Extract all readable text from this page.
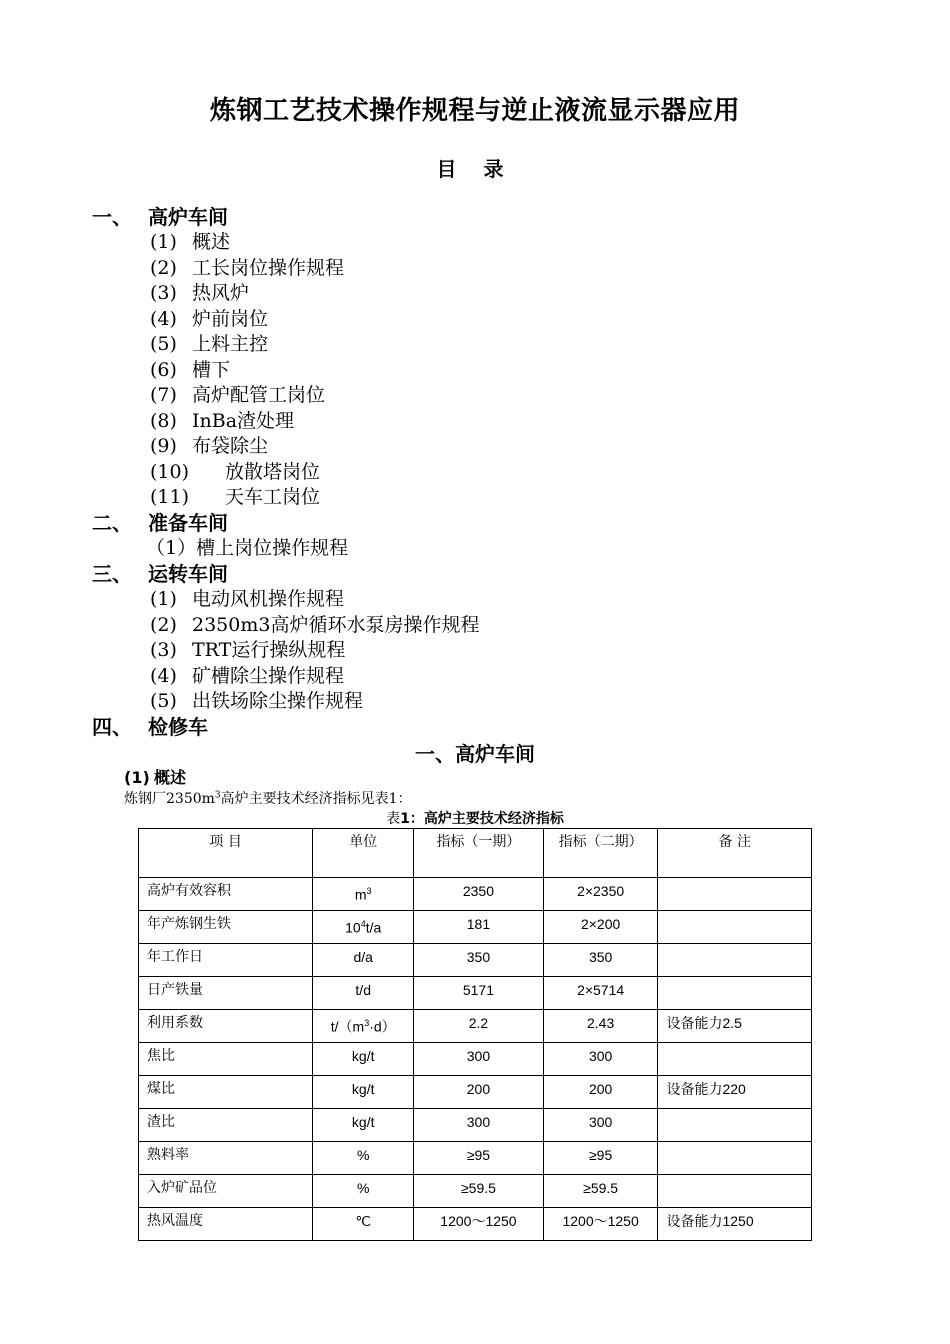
炼钢工艺技术操作规程与逆止液流显示器应用
目 录
一、 高炉车间
(1) 概述
(2) 工长岗位操作规程
(3) 热风炉
(4) 炉前岗位
(5) 上料主控
(6) 槽下
(7) 高炉配管工岗位
(8) InBa渣处理
(9) 布袋除尘
(10) 放散塔岗位
(11) 天车工岗位
二、 准备车间
（1）槽上岗位操作规程
三、 运转车间
(1) 电动风机操作规程
(2) 2350m3高炉循环水泵房操作规程
(3) TRT运行操纵规程
(4) 矿槽除尘操作规程
(5) 出铁场除尘操作规程
四、 检修车
一、高炉车间
(1) 概述
炼钢厂$2350m^3$高炉主要技术经济指标见表1：
表1：高炉主要技术经济指标
项 目	单位	指标（一期）	指标（二期）	备 注
高炉有效容积	$m^3$	2350	2×2350	
年产炼钢生铁	$10^4t/a$	181	2×200	
年工作日	d/a	350	350	
日产铁量	t/d	5171	2×5714	
利用系数	$t/(m^3\cdot d)$	2.2	2.43	设备能力2.5
焦比	kg/t	300	300	
煤比	kg/t	200	200	设备能力220
渣比	kg/t	300	300	
熟料率	%	≥95	≥95	
入炉矿品位	%	≥59.5	≥59.5	
热风温度	℃	1200～1250	1200～1250	设备能力1250
